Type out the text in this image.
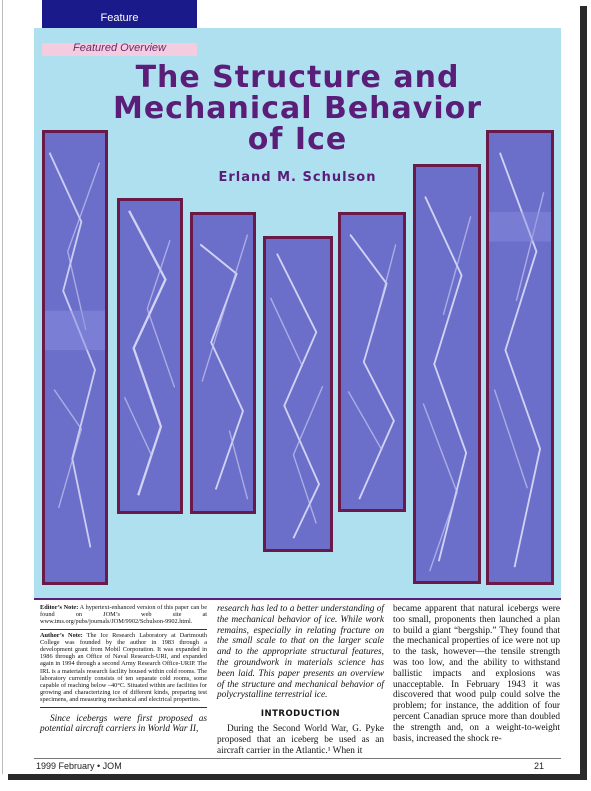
Feature
Featured Overview
The Structure and
Mechanical Behavior
of Ice
Erland M. Schulson
Editor’s Note: A hypertext-enhanced version of this paper can be found on JOM’s web site at www.tms.org/pubs/journals/JOM/9902/Schulson-9902.html.
Author’s Note: The Ice Research Laboratory at Dartmouth College was founded by the author in 1983 through a development grant from Mobil Corporation. It was expanded in 1986 through an Office of Naval Research-URI, and expanded again in 1994 through a second Army Research Office-URIP. The IRL is a materials research facility housed within cold rooms. The laboratory currently consists of ten separate cold rooms, some capable of reaching below –40°C. Situated within are facilities for growing and characterizing ice of different kinds, preparing test specimens, and measuring mechanical and electrical properties.
Since icebergs were first proposed as potential aircraft carriers in World War II,
research has led to a better understanding of the mechanical behavior of ice. While work remains, especially in relating fracture on the small scale to that on the larger scale and to the appropriate structural features, the groundwork in materials science has been laid. This paper presents an overview of the structure and mechanical behavior of polycrystalline terrestrial ice.
INTRODUCTION
During the Second World War, G. Pyke proposed that an iceberg be used as an aircraft carrier in the Atlantic.¹ When it
became apparent that natural icebergs were too small, proponents then launched a plan to build a giant “bergship.” They found that the mechanical properties of ice were not up to the task, however—the tensile strength was too low, and the ability to withstand ballistic impacts and explosions was unacceptable. In February 1943 it was discovered that wood pulp could solve the problem; for instance, the addition of four percent Canadian spruce more than doubled the strength and, on a weight-to-weight basis, increased the shock re-
1999 February • JOM	21
